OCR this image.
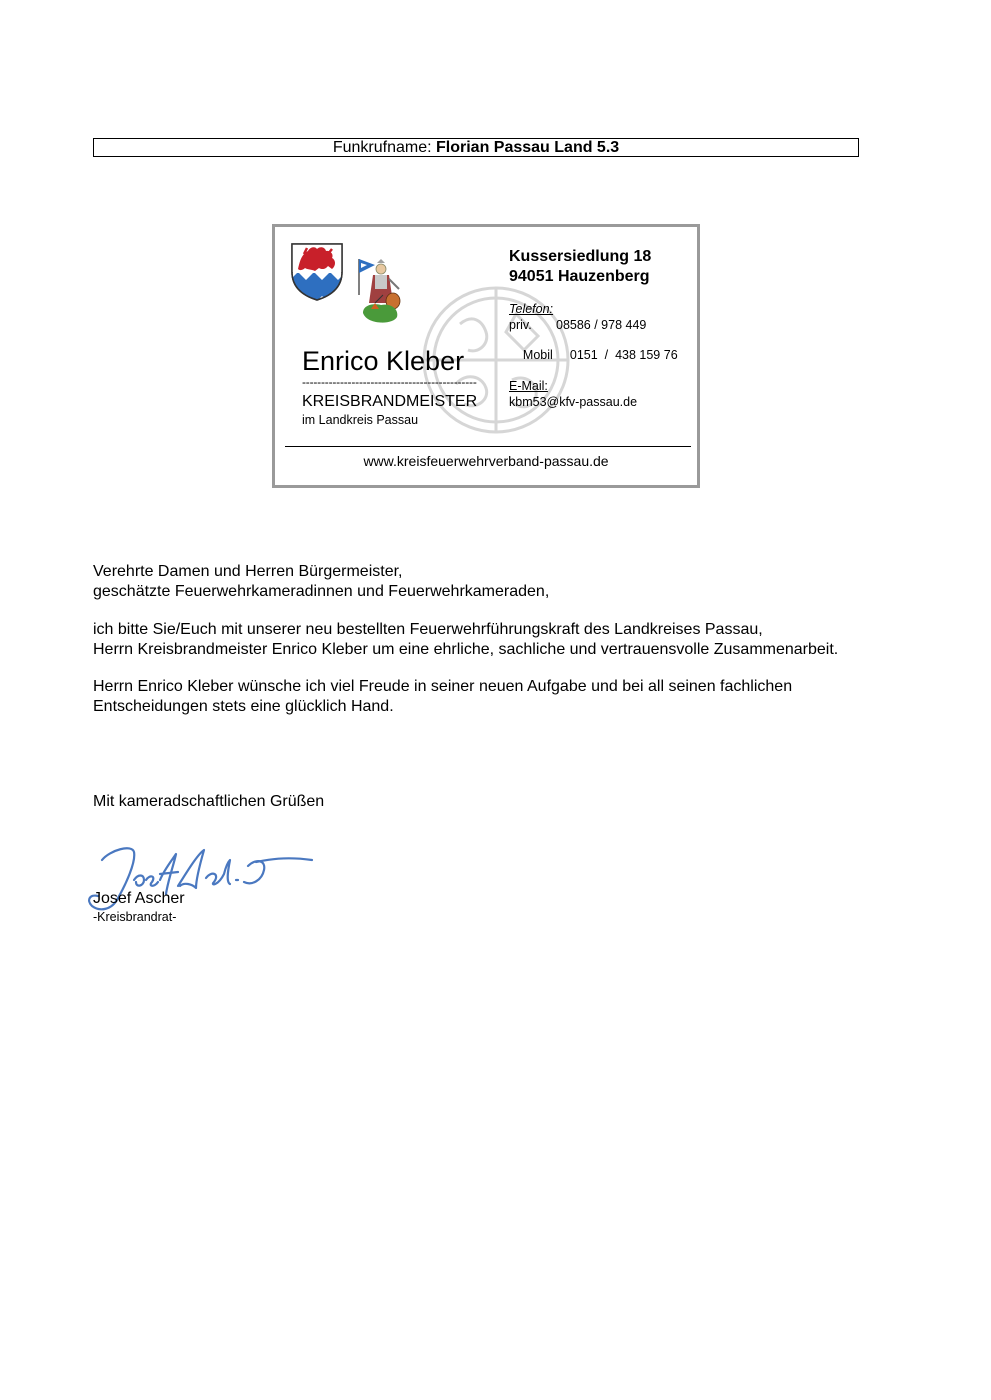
Funkrufname: Florian Passau Land 5.3
Kussersiedlung 18
94051 Hauzenberg
Telefon:
priv. 08586 / 978 449

Mobil 0151  /  438 159 76

Enrico Kleber
----------------------------------------------
KREISBRANDMEISTER
im Landkreis Passau
E-Mail:
kbm53@kfv-passau.de
www.kreisfeuerwehrverband-passau.de
Verehrte Damen und Herren Bürgermeister,
geschätzte Feuerwehrkameradinnen und Feuerwehrkameraden,
ich bitte Sie/Euch mit unserer neu bestellten Feuerwehrführungskraft des Landkreises Passau,
Herrn Kreisbrandmeister Enrico Kleber um eine ehrliche, sachliche und vertrauensvolle Zusammenarbeit.
Herrn Enrico Kleber wünsche ich viel Freude in seiner neuen Aufgabe und bei all seinen fachlichen
Entscheidungen stets eine glücklich Hand.
Mit kameradschaftlichen Grüßen
Josef Ascher
-Kreisbrandrat-
